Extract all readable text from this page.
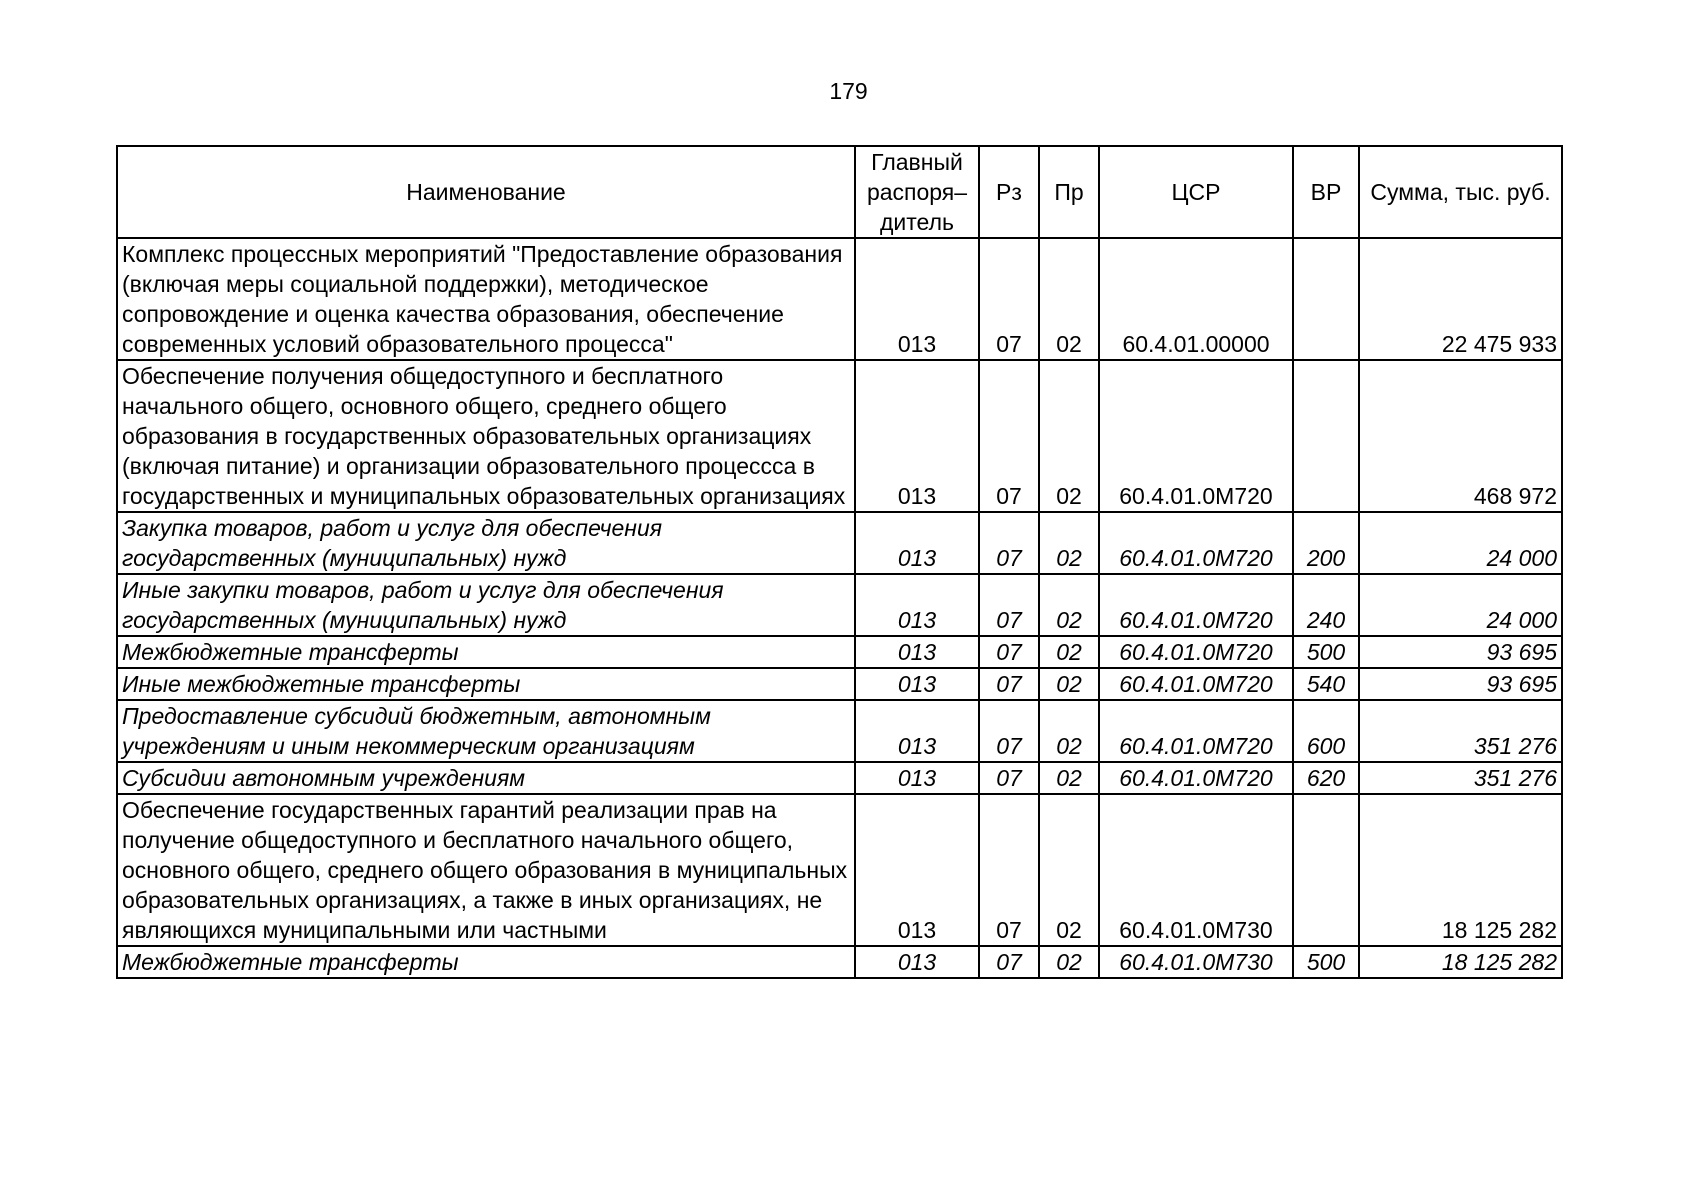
179
Наименование	Главный распоря–дитель	Рз	Пр	ЦСР	ВР	Сумма, тыс. руб.
Комплекс процессных мероприятий "Предоставление образования (включая меры социальной поддержки), методическое сопровождение и оценка качества образования, обеспечение современных условий образовательного процесса"	013	07	02	60.4.01.00000		22 475 933
Обеспечение получения общедоступного и бесплатного начального общего, основного общего, среднего общего образования в государственных образовательных организациях (включая питание) и организации образовательного процессса в государственных и муниципальных образовательных организациях	013	07	02	60.4.01.0М720		468 972
Закупка товаров, работ и услуг для обеспечения государственных (муниципальных) нужд	013	07	02	60.4.01.0М720	200	24 000
Иные закупки товаров, работ и услуг для обеспечения государственных (муниципальных) нужд	013	07	02	60.4.01.0М720	240	24 000
Межбюджетные трансферты	013	07	02	60.4.01.0М720	500	93 695
Иные межбюджетные трансферты	013	07	02	60.4.01.0М720	540	93 695
Предоставление субсидий бюджетным, автономным учреждениям и иным некоммерческим организациям	013	07	02	60.4.01.0М720	600	351 276
Субсидии автономным учреждениям	013	07	02	60.4.01.0М720	620	351 276
Обеспечение государственных гарантий реализации прав на получение общедоступного и бесплатного начального общего, основного общего, среднего общего образования в муниципальных образовательных организациях, а также в иных организациях, не являющихся муниципальными или частными	013	07	02	60.4.01.0М730		18 125 282
Межбюджетные трансферты	013	07	02	60.4.01.0М730	500	18 125 282
